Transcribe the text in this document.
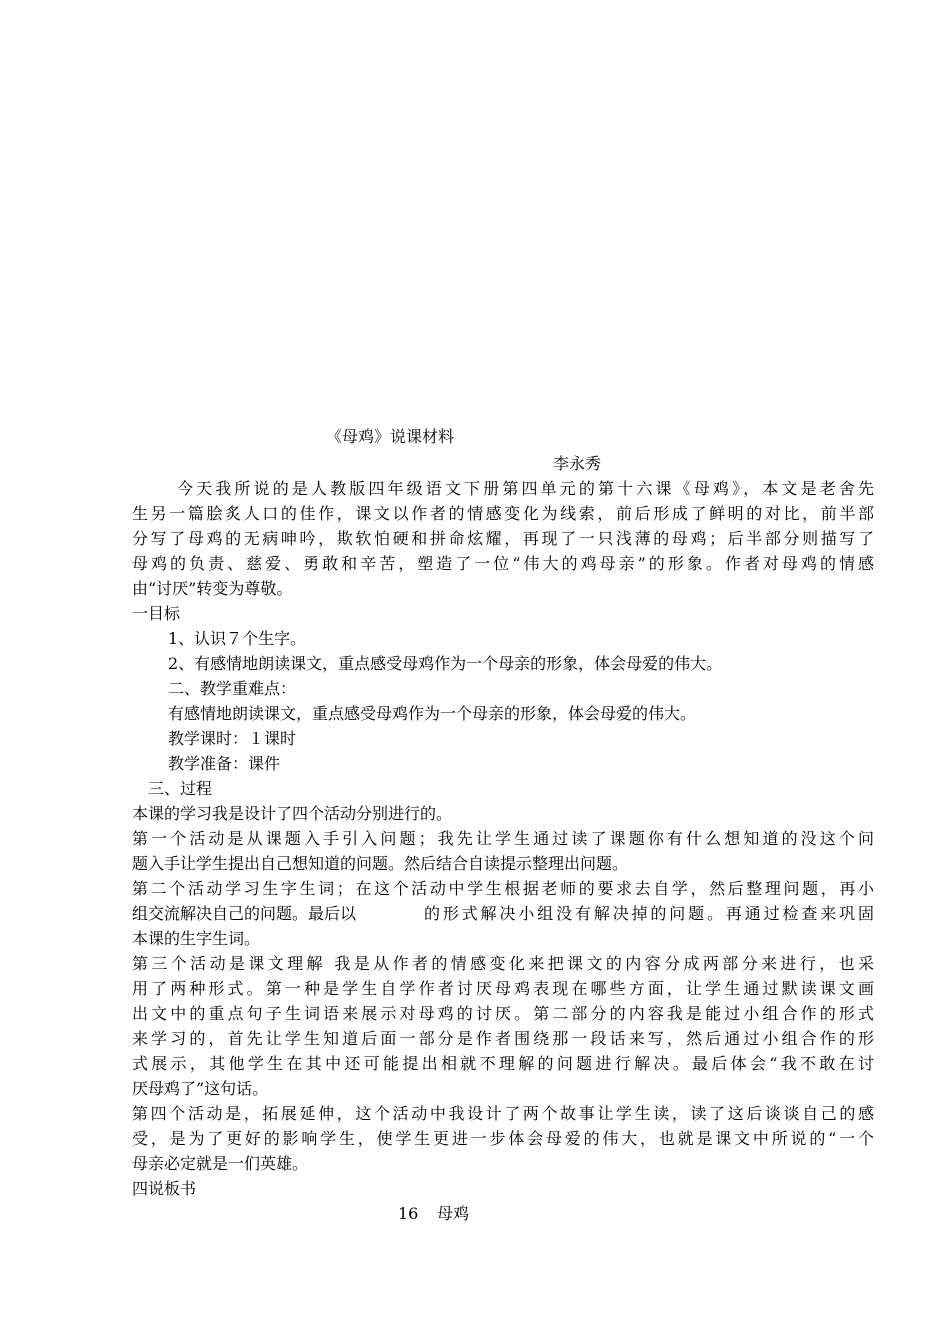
《母鸡》说课材料
李永秀
今天我所说的是人教版四年级语文下册第四单元的第十六课《母鸡》，本文是老舍先
生另一篇脍炙人口的佳作，课文以作者的情感变化为线索，前后形成了鲜明的对比，前半部
分写了母鸡的无病呻吟，欺软怕硬和拼命炫耀，再现了一只浅薄的母鸡；后半部分则描写了
母鸡的负责、慈爱、勇敢和辛苦，塑造了一位“伟大的鸡母亲”的形象。作者对母鸡的情感
由“讨厌”转变为尊敬。
一目标
1、认识７个生字。
2、有感情地朗读课文，重点感受母鸡作为一个母亲的形象，体会母爱的伟大。
二、教学重难点：
有感情地朗读课文，重点感受母鸡作为一个母亲的形象，体会母爱的伟大。
教学课时：１课时
教学准备：课件
三、过程
本课的学习我是设计了四个活动分别进行的。
第一个活动是从课题入手引入问题；我先让学生通过读了课题你有什么想知道的没这个问
题入手让学生提出自己想知道的问题。然后结合自读提示整理出问题。
第二个活动学习生字生词；在这个活动中学生根据老师的要求去自学，然后整理问题，再小
组交流解决自己的问题。最后以	的形式解决小组没有解决掉的问题。再通过检查来巩固
本课的生字生词。
第三个活动是课文理解 我是从作者的情感变化来把课文的内容分成两部分来进行，也采
用了两种形式。第一种是学生自学作者讨厌母鸡表现在哪些方面，让学生通过默读课文画
出文中的重点句子生词语来展示对母鸡的讨厌。第二部分的内容我是能过小组合作的形式
来学习的，首先让学生知道后面一部分是作者围绕那一段话来写，然后通过小组合作的形
式展示，其他学生在其中还可能提出相就不理解的问题进行解决。最后体会“我不敢在讨
厌母鸡了”这句话。
第四个活动是，拓展延伸，这个活动中我设计了两个故事让学生读，读了这后谈谈自己的感
受，是为了更好的影响学生，使学生更进一步体会母爱的伟大，也就是课文中所说的“一个
母亲必定就是一们英雄。
四说板书
16 母鸡
